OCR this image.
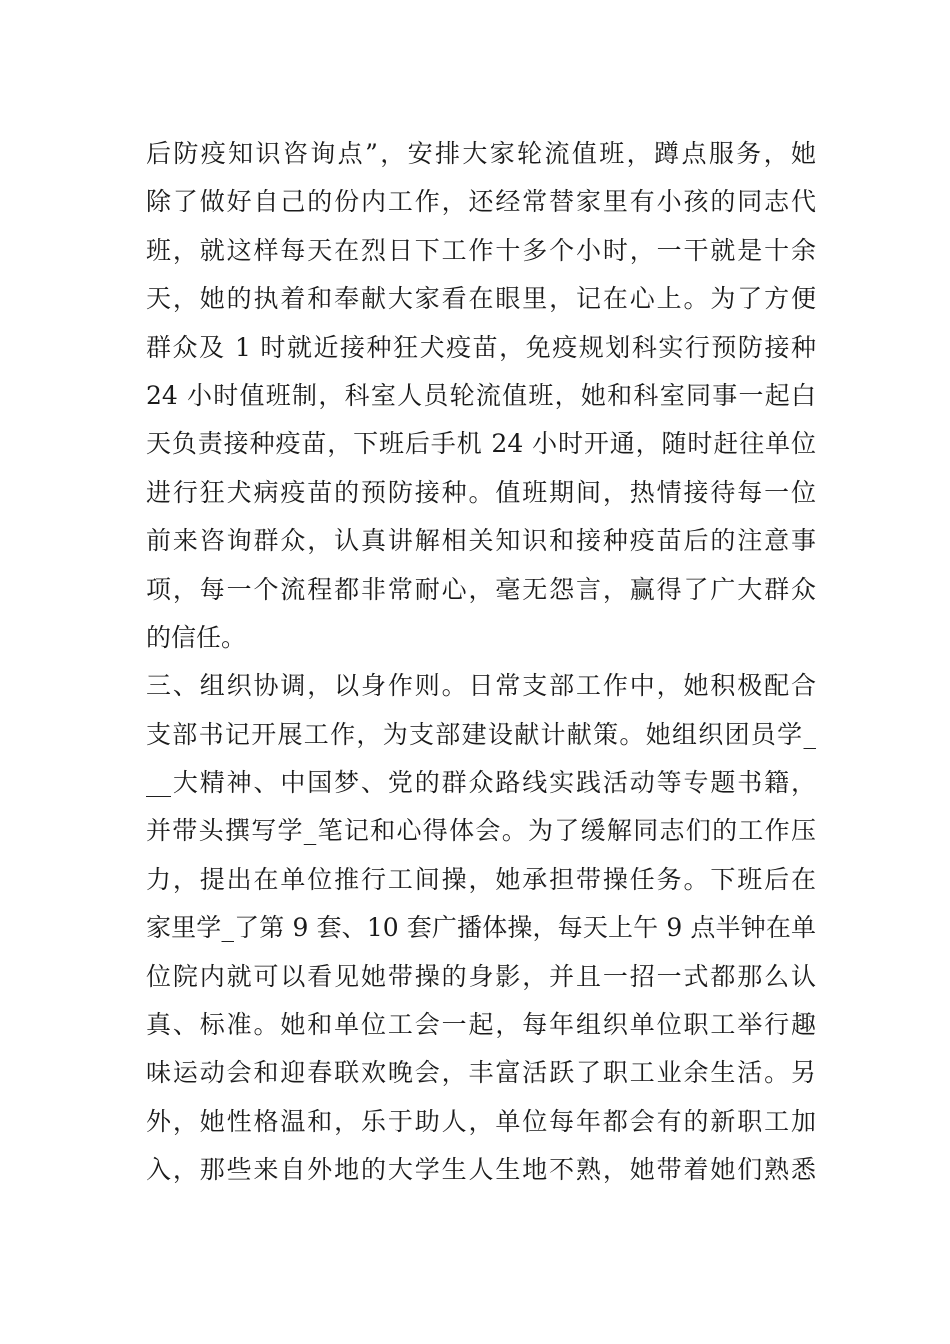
后防疫知识咨询点”，安排大家轮流值班，蹲点服务，她
除了做好自己的份内工作，还经常替家里有小孩的同志代
班，就这样每天在烈日下工作十多个小时，一干就是十余
天，她的执着和奉献大家看在眼里，记在心上。为了方便
群众及 1 时就近接种狂犬疫苗，免疫规划科实行预防接种
24 小时值班制，科室人员轮流值班，她和科室同事一起白
天负责接种疫苗，下班后手机 24 小时开通，随时赶往单位
进行狂犬病疫苗的预防接种。值班期间，热情接待每一位
前来咨询群众，认真讲解相关知识和接种疫苗后的注意事
项，每一个流程都非常耐心，毫无怨言，赢得了广大群众
的信任。
三、组织协调，以身作则。日常支部工作中，她积极配合
支部书记开展工作，为支部建设献计献策。她组织团员学_
__大精神、中国梦、党的群众路线实践活动等专题书籍，
并带头撰写学_笔记和心得体会。为了缓解同志们的工作压
力，提出在单位推行工间操，她承担带操任务。下班后在
家里学_了第 9 套、10 套广播体操，每天上午 9 点半钟在单
位院内就可以看见她带操的身影，并且一招一式都那么认
真、标准。她和单位工会一起，每年组织单位职工举行趣
味运动会和迎春联欢晚会，丰富活跃了职工业余生活。另
外，她性格温和，乐于助人，单位每年都会有的新职工加
入，那些来自外地的大学生人生地不熟，她带着她们熟悉
